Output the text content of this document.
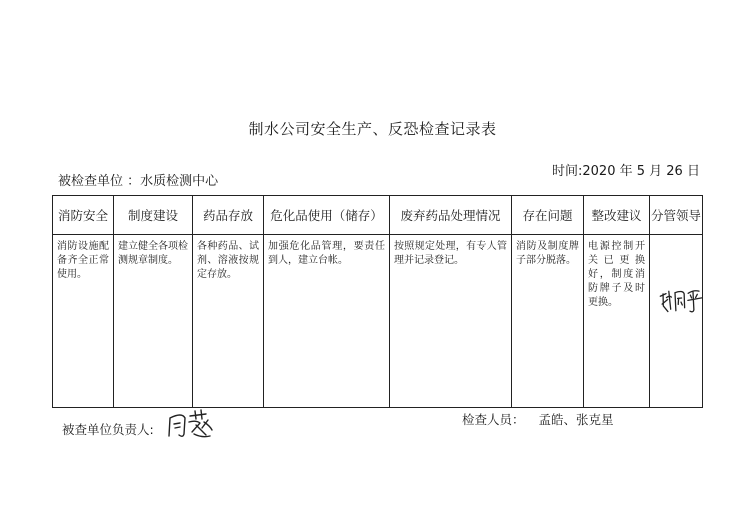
制水公司安全生产、反恐检查记录表
被检查单位 ：水质检测中心
时间:2020 年 5 月 26 日
消防安全	制度建设	药品存放	危化品使用（储存）	废弃药品处理情况	存在问题	整改建议	分管领导
消防设施配备齐全正常使用。	建立健全各项检测规章制度。	各种药品、试剂、溶液按规定存放。	加强危化品管理，要责任到人，建立台帐。	按照规定处理，有专人管理并记录登记。	消防及制度牌子部分脱落。	电源控制开关已更换好，制度消防牌子及时更换。	
被查单位负责人:
检查人员： 孟皓、张克星
